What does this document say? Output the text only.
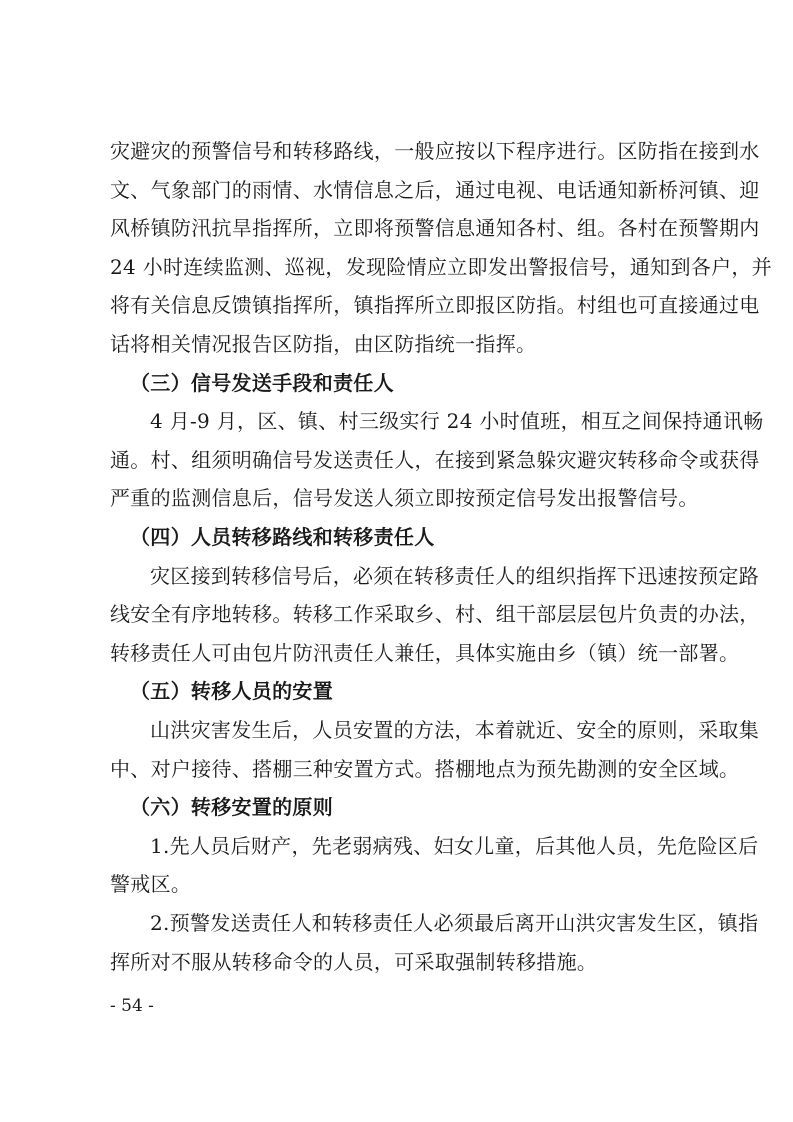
灾避灾的预警信号和转移路线，一般应按以下程序进行。区防指在接到水
文、气象部门的雨情、水情信息之后，通过电视、电话通知新桥河镇、迎
风桥镇防汛抗旱指挥所，立即将预警信息通知各村、组。各村在预警期内
24 小时连续监测、巡视，发现险情应立即发出警报信号，通知到各户，并
将有关信息反馈镇指挥所，镇指挥所立即报区防指。村组也可直接通过电
话将相关情况报告区防指，由区防指统一指挥。
（三）信号发送手段和责任人
4 月-9 月，区、镇、村三级实行 24 小时值班，相互之间保持通讯畅
通。村、组须明确信号发送责任人，在接到紧急躲灾避灾转移命令或获得
严重的监测信息后，信号发送人须立即按预定信号发出报警信号。
（四）人员转移路线和转移责任人
灾区接到转移信号后，必须在转移责任人的组织指挥下迅速按预定路
线安全有序地转移。转移工作采取乡、村、组干部层层包片负责的办法，
转移责任人可由包片防汛责任人兼任，具体实施由乡（镇）统一部署。
（五）转移人员的安置
山洪灾害发生后，人员安置的方法，本着就近、安全的原则，采取集
中、对户接待、搭棚三种安置方式。搭棚地点为预先勘测的安全区域。
（六）转移安置的原则
1.先人员后财产，先老弱病残、妇女儿童，后其他人员，先危险区后
警戒区。
2.预警发送责任人和转移责任人必须最后离开山洪灾害发生区，镇指
挥所对不服从转移命令的人员，可采取强制转移措施。
- 54 -
